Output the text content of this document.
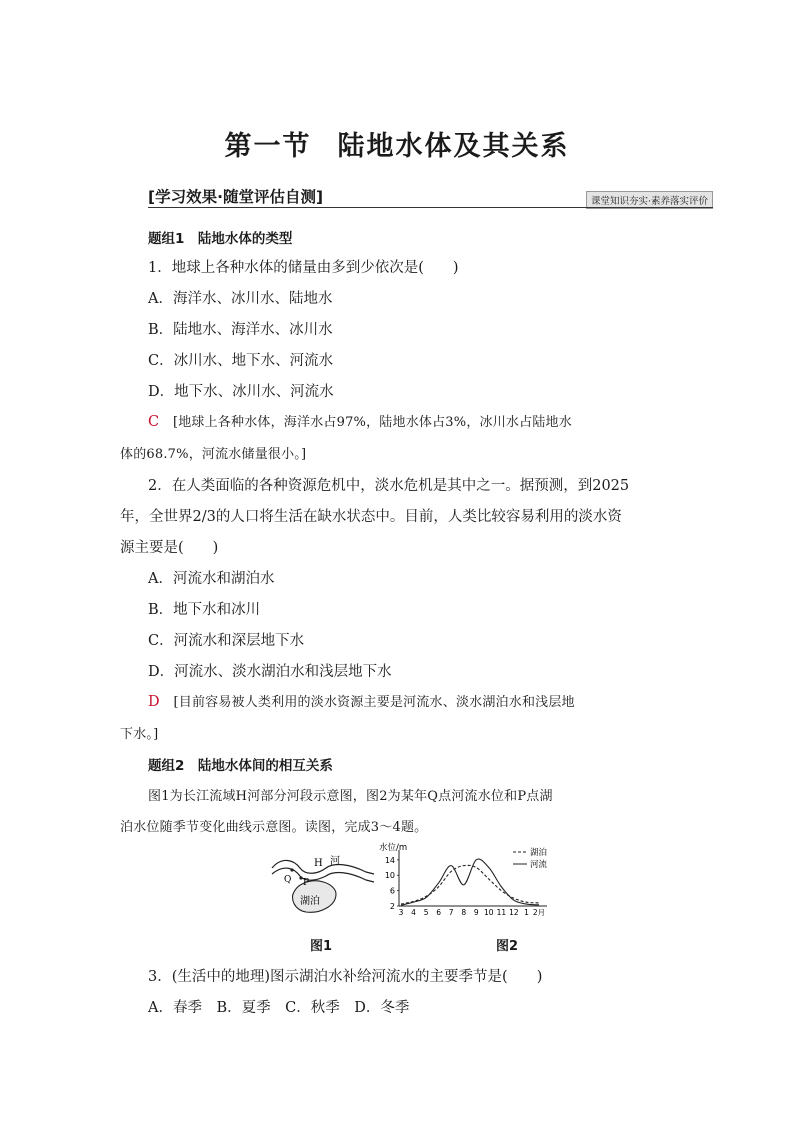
第一节 陆地水体及其关系
[学习效果·随堂评估自测]	课堂知识夯实·素养落实评价
题组1　陆地水体的类型
1．地球上各种水体的储量由多到少依次是(　　)
A．海洋水、冰川水、陆地水
B．陆地水、海洋水、冰川水
C．冰川水、地下水、河流水
D．地下水、冰川水、河流水
C [地球上各种水体，海洋水占97%，陆地水体占3%，冰川水占陆地水
体的68.7%，河流水储量很小。]
2．在人类面临的各种资源危机中，淡水危机是其中之一。据预测，到2025
年，全世界2/3的人口将生活在缺水状态中。目前，人类比较容易利用的淡水资
源主要是(　　)
A．河流水和湖泊水
B．地下水和冰川
C．河流水和深层地下水
D．河流水、淡水湖泊水和浅层地下水
D [目前容易被人类利用的淡水资源主要是河流水、淡水湖泊水和浅层地
下水。]
题组2　陆地水体间的相互关系
图1为长江流域H河部分河段示意图，图2为某年Q点河流水位和P点湖
泊水位随季节变化曲线示意图。读图，完成3～4题。
H 河
Q P
湖泊
图1
水位/m
2
6
10
14
3 4 5 6 7 8 9 10 11 12 1 2月
湖泊
河流
图2
3．(生活中的地理)图示湖泊水补给河流水的主要季节是(　　)
A．春季　B．夏季　C．秋季　D．冬季
